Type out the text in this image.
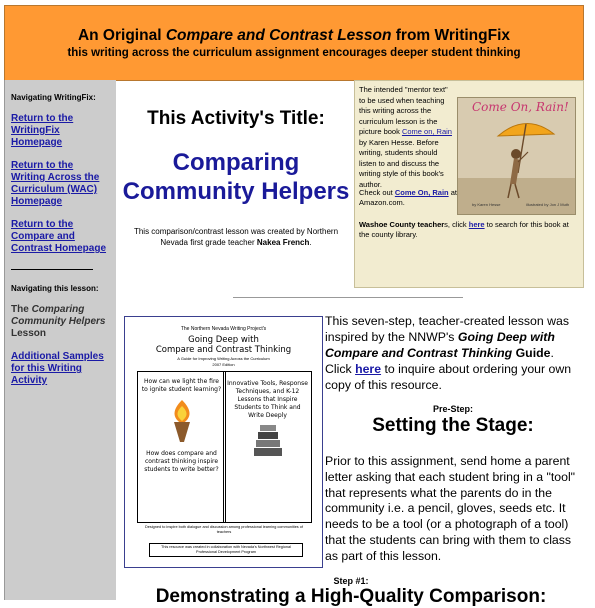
An Original Compare and Contrast Lesson from WritingFix
this writing across the curriculum assignment encourages deeper student thinking
Navigating WritingFix:
Return to the WritingFix Homepage
Return to the Writing Across the Curriculum (WAC) Homepage
Return to the Compare and Contrast Homepage
Navigating this lesson:
The Comparing Community Helpers Lesson
Additional Samples for this Writing Activity
This Activity's Title:
Comparing Community Helpers
This comparison/contrast lesson was created by Northern Nevada first grade teacher Nakea French.
The intended "mentor text" to be used when teaching this writing across the curriculum lesson is the picture book Come on, Rain by Karen Hesse. Before writing, students should listen to and discuss the writing style of this book's author.
Come On, Rain!
by Karen Hesse	illustrated by Jon J Muth
Check out Come On, Rain at Amazon.com.
Washoe County teachers, click here to search for this book at the county library.
The Northern Nevada Writing Project's
Going Deep with
Compare and Contrast Thinking
A Guide for Improving Writing Across the Curriculum
2007 Edition
How can we light the fire to ignite student learning?
How does compare and contrast thinking inspire students to write better?
Innovative Tools, Response Techniques, and K-12 Lessons that Inspire Students to Think and Write Deeply
Designed to inspire both dialogue and discussion among professional learning communities of teachers
This resource was created in collaboration with Nevada's Northwest Regional Professional Development Program
This seven-step, teacher-created lesson was inspired by the NNWP's Going Deep with Compare and Contrast Thinking Guide. Click here to inquire about ordering your own copy of this resource.
Pre-Step:
Setting the Stage:
Prior to this assignment, send home a parent letter asking that each student bring in a "tool" that represents what the parents do in the community i.e. a pencil, gloves, seeds etc. It needs to be a tool (or a photograph of a tool) that the students can bring with them to class as part of this lesson.
Step #1:
Demonstrating a High-Quality Comparison:
